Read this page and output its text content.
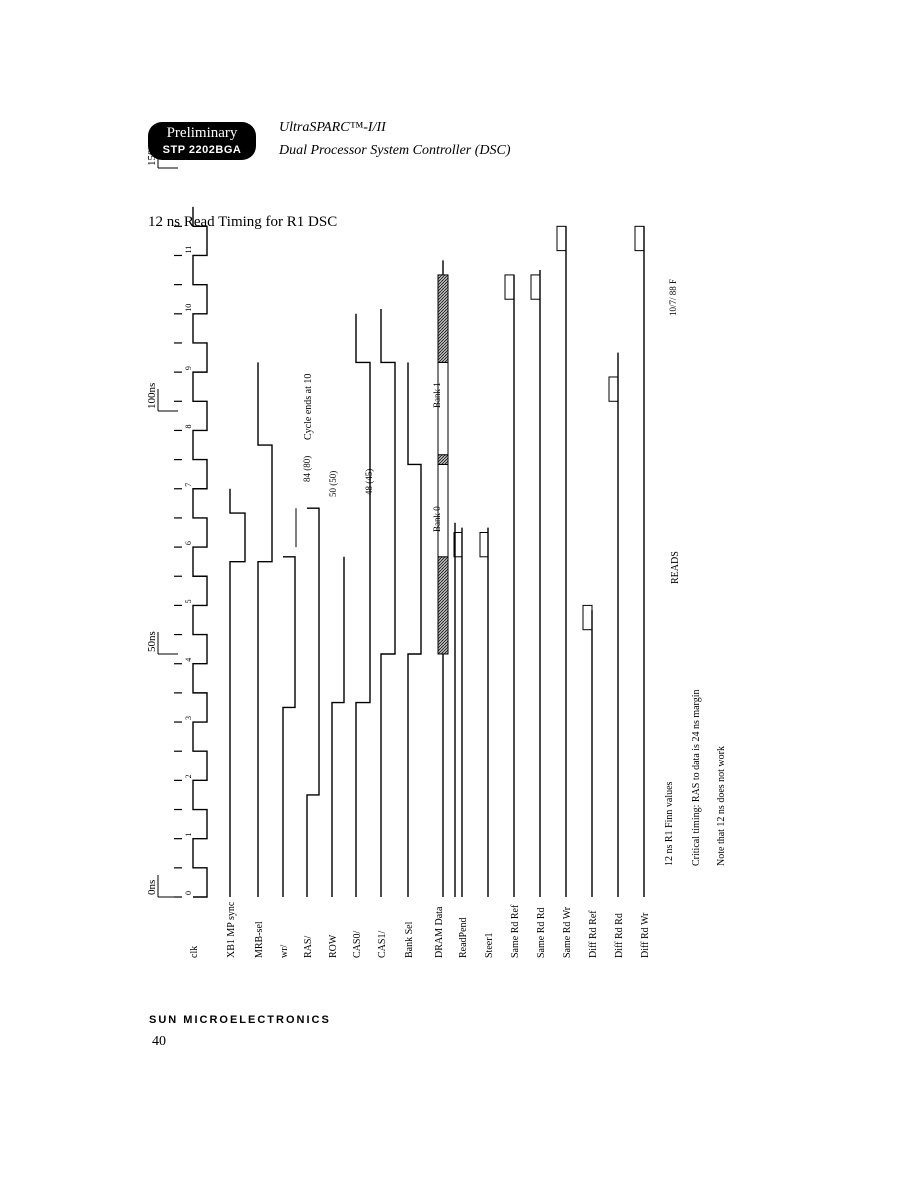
Preliminary
STP 2202BGA
UltraSPARC™-I/II
Dual Processor System Controller (DSC)
12 ns Read Timing for R1 DSC
0ns
50ns
100ns
150ns
0
1
2
3
4
5
6
7
8
9
10
11
clk	XB1 MP sync MRB-sel wr/ RAS/ ROW CAS0/ CAS1/ Bank Sel DRAM Data ReadPend Steer1 Same Rd Ref Same Rd Rd Same Rd Wr Diff Rd Ref Diff Rd Rd Diff Rd Wr
Cycle ends at 10
84 (80)
50 (50)	48 (45)
Bank 0
Bank 1
READS
10/7/ 88 F
12 ns R1 Finn values Critical timing: RAS to data is 24 ns margin Note that 12 ns does not work
SUN MICROELECTRONICS
40
